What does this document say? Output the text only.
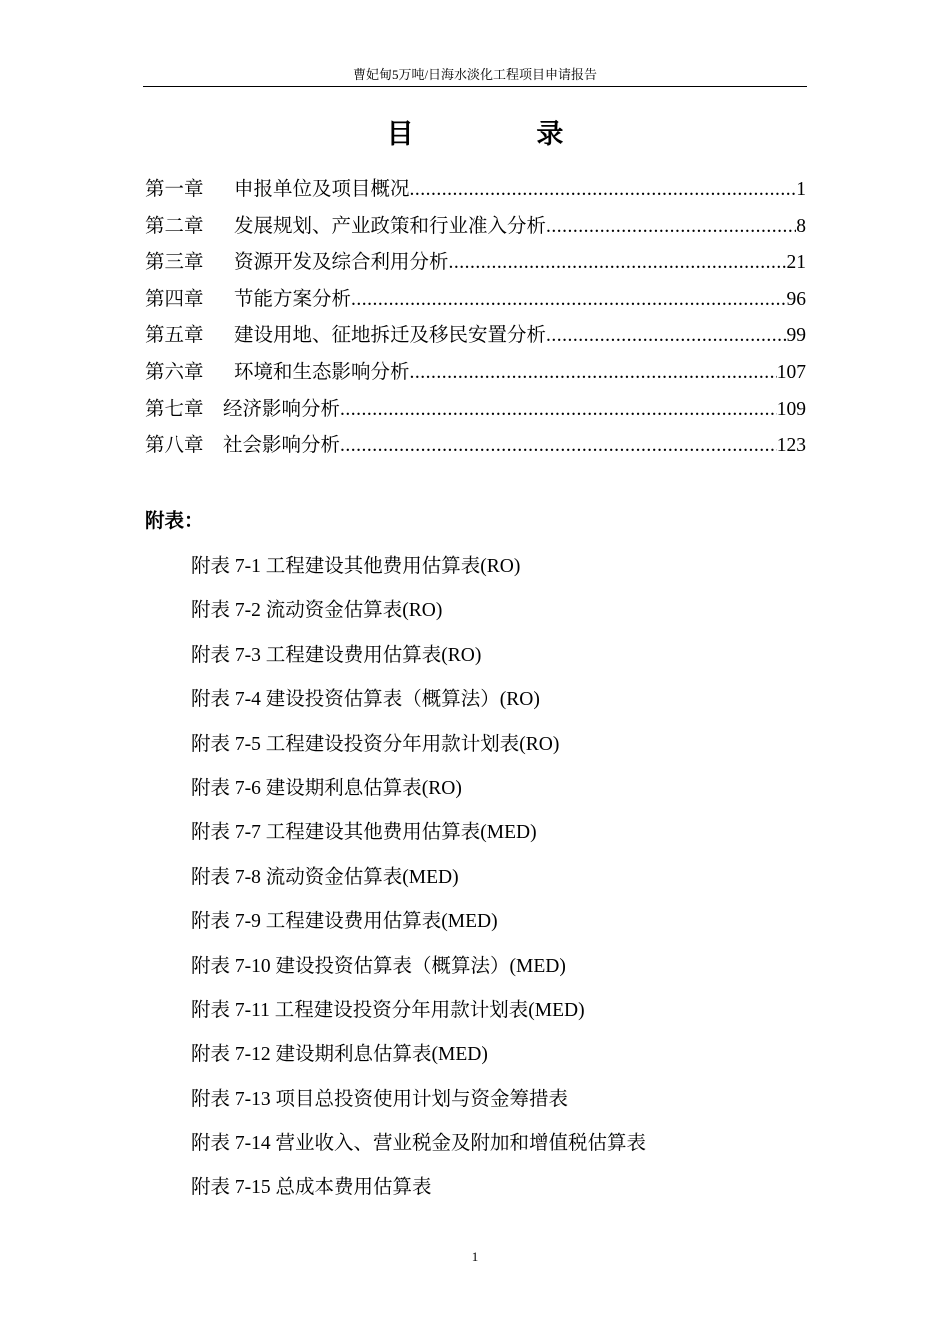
曹妃甸5万吨/日海水淡化工程项目申请报告
目 录
第一章	申报单位及项目概况 .....	1
第二章	发展规划、产业政策和行业准入分析 .....	8
第三章	资源开发及综合利用分析 .....	21
第四章	节能方案分析 .....	96
第五章	建设用地、征地拆迁及移民安置分析 .....	99
第六章	环境和生态影响分析 .....	107
第七章 经济影响分析 .....	109
第八章 社会影响分析 .....	123
附表：
附表 7-1 工程建设其他费用估算表(RO)
附表 7-2 流动资金估算表(RO)
附表 7-3 工程建设费用估算表(RO)
附表 7-4 建设投资估算表（概算法）(RO)
附表 7-5 工程建设投资分年用款计划表(RO)
附表 7-6 建设期利息估算表(RO)
附表 7-7 工程建设其他费用估算表(MED)
附表 7-8 流动资金估算表(MED)
附表 7-9 工程建设费用估算表(MED)
附表 7-10 建设投资估算表（概算法）(MED)
附表 7-11 工程建设投资分年用款计划表(MED)
附表 7-12 建设期利息估算表(MED)
附表 7-13 项目总投资使用计划与资金筹措表
附表 7-14 营业收入、营业税金及附加和增值税估算表
附表 7-15 总成本费用估算表
1
